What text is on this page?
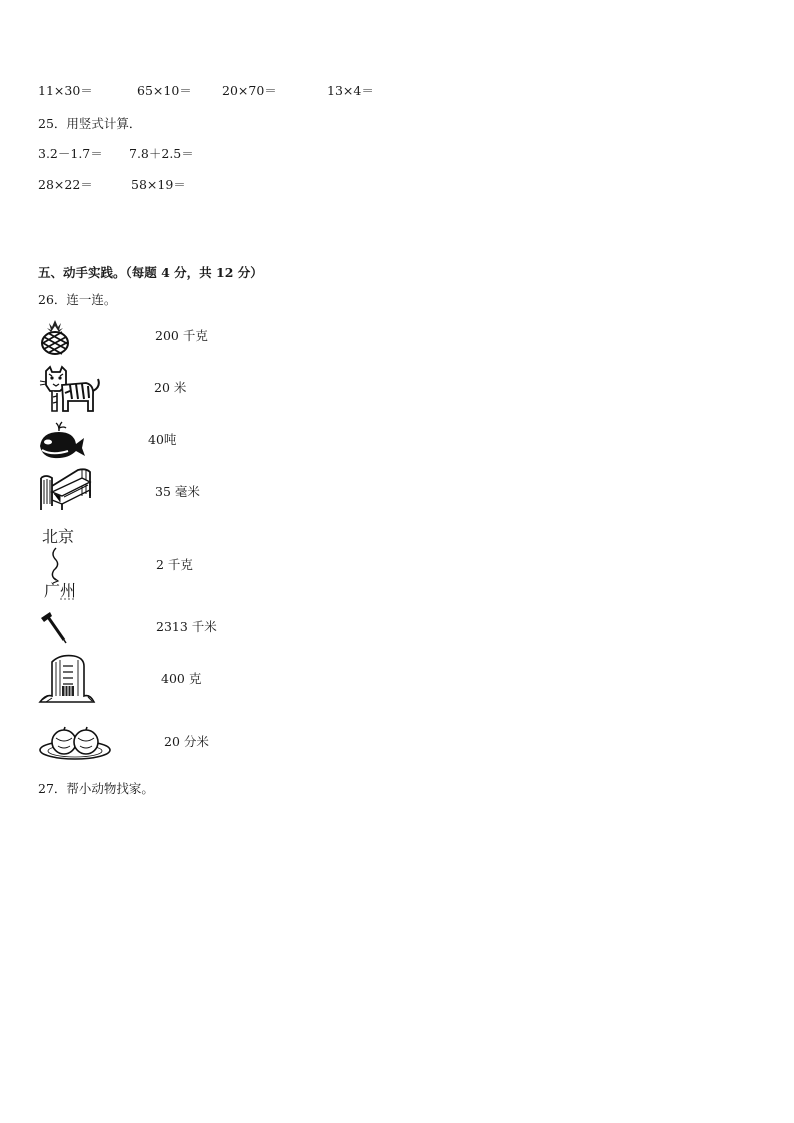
11×30＝	65×10＝ 20×70＝	13×4＝
25．用竖式计算．
3.2－1.7＝ 7.8＋2.5＝
28×22＝	58×19＝
五、动手实践。（每题 4 分，共 12 分）
26．连一连。
200 千克
20 米
40吨
35 毫米
北京
广州
2 千克
2313 千米
400 克
20 分米
27．帮小动物找家。
